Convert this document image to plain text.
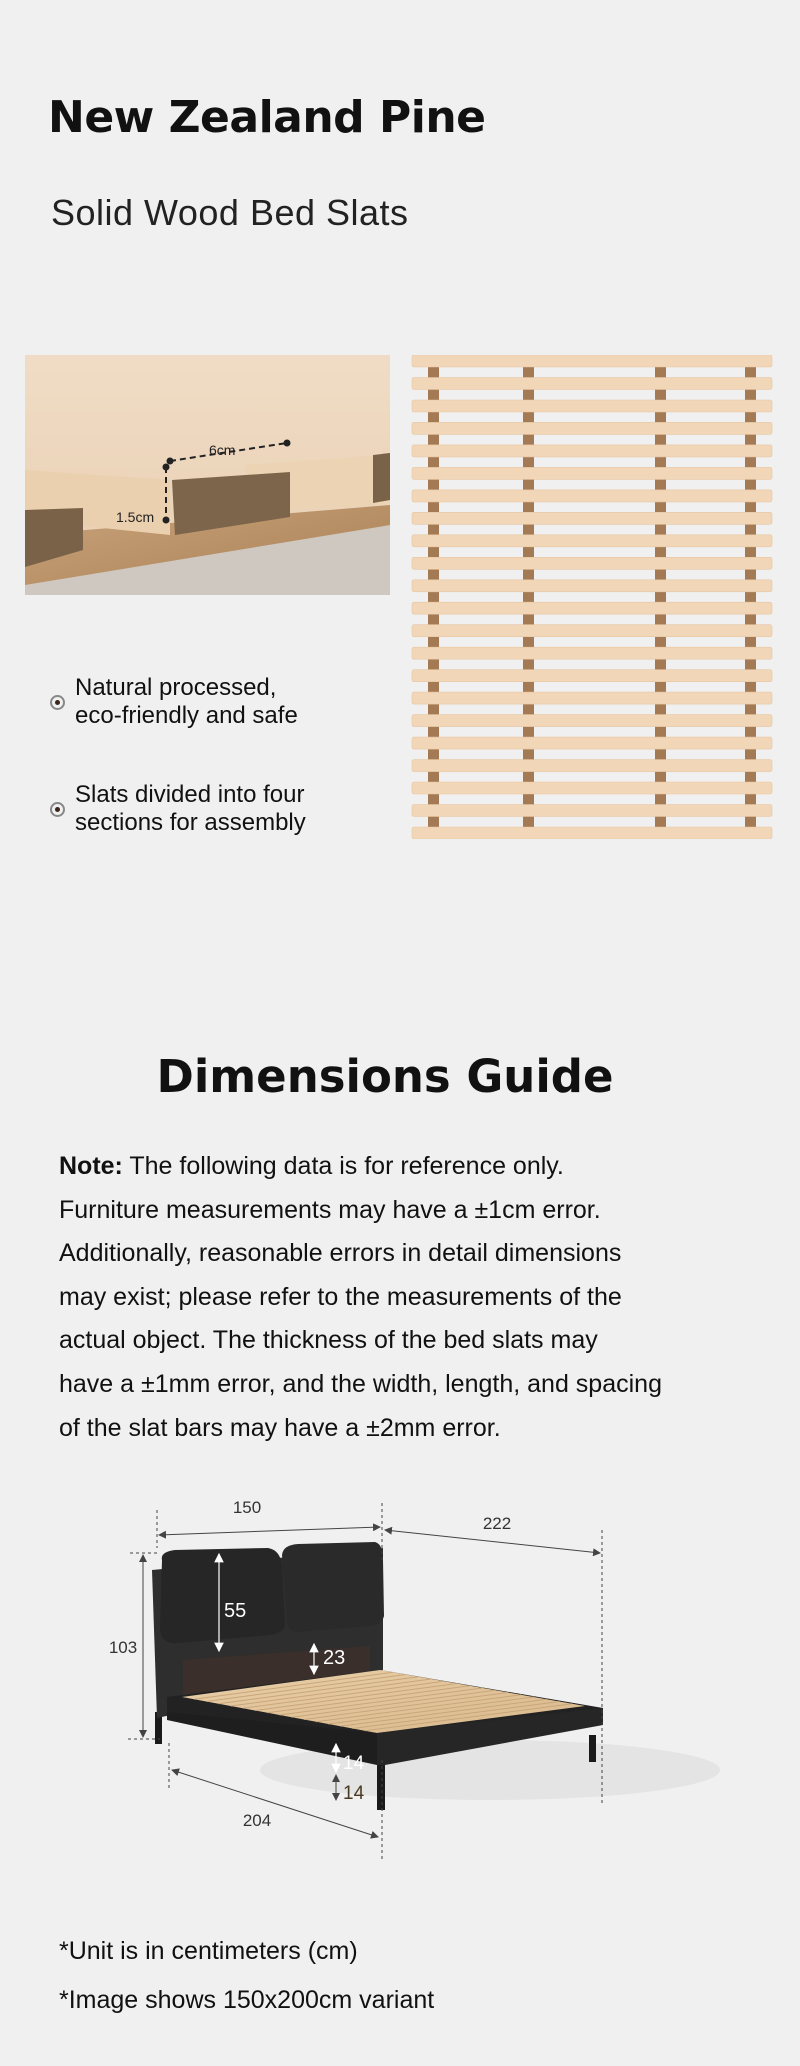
New Zealand Pine
Solid Wood Bed Slats
6cm
1.5cm
Natural processed,
eco-friendly and safe
Slats divided into four
sections for assembly
Dimensions Guide
Note: The following data is for reference only.
Furniture measurements may have a ±1cm error.
Additionally, reasonable errors in detail dimensions
may exist; please refer to the measurements of the
actual object. The thickness of the bed slats may
have a ±1mm error, and the width, length, and spacing
of the slat bars may have a ±2mm error.
150
222
103
55
23
14
14
204
*Unit is in centimeters (cm)
*Image shows 150x200cm variant
